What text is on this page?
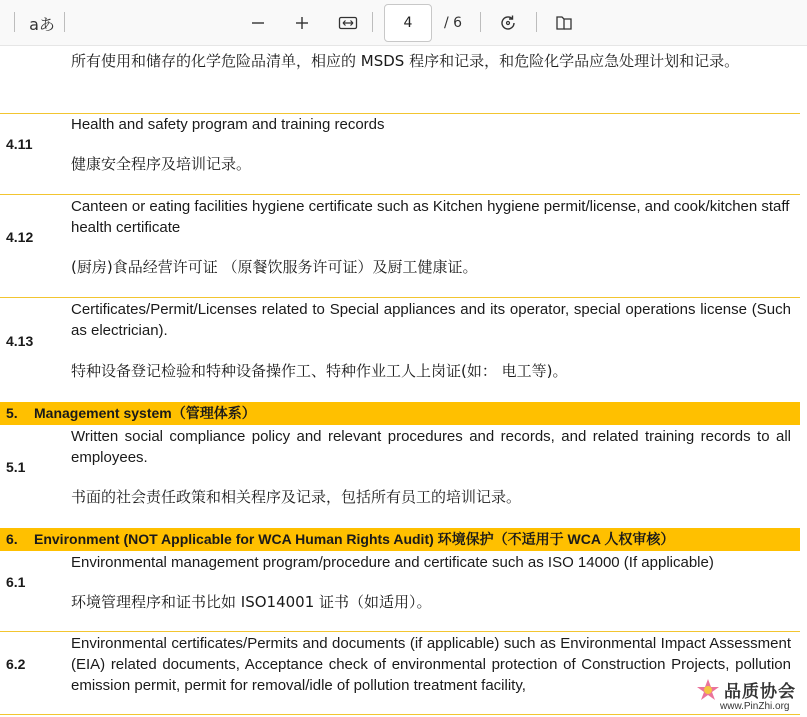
aあ	4	/ 6
所有使用和储存的化学危险品清单，相应的 MSDS 程序和记录，和危险化学品应急处理计划和记录。
4.11
Health and safety program and training records
健康安全程序及培训记录。
4.12
Canteen or eating facilities hygiene certificate such as Kitchen hygiene permit/license, and cook/kitchen staff health certificate
(厨房)食品经营许可证 （原餐饮服务许可证）及厨工健康证。
4.13
Certificates/Permit/Licenses related to Special appliances and its operator, special operations license (Such as electrician).
特种设备登记检验和特种设备操作工、特种作业工人上岗证(如： 电工等)。
5. Management system（管理体系）
5.1
Written social compliance policy and relevant procedures and records, and related training records to all employees.
书面的社会责任政策和相关程序及记录，包括所有员工的培训记录。
6. Environment (NOT Applicable for WCA Human Rights Audit) 环境保护（不适用于 WCA 人权审核）
6.1
Environmental management program/procedure and certificate such as ISO 14000 (If applicable)
环境管理程序和证书比如 ISO14001 证书（如适用）。
6.2
Environmental certificates/Permits and documents (if applicable) such as Environmental Impact Assessment (EIA) related documents, Acceptance check of environmental protection of Construction Projects, pollution emission permit, permit for removal/idle of pollution treatment facility,	品质协会
www.PinZhi.org
